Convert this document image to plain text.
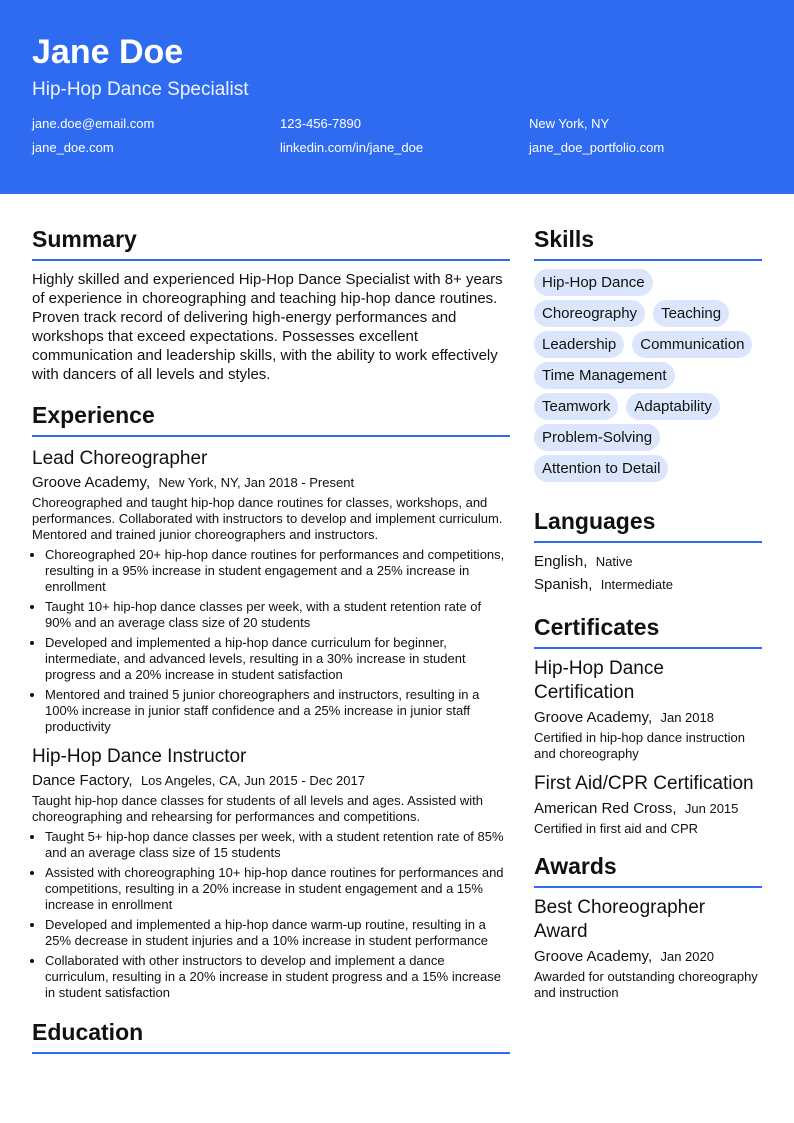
Jane Doe
Hip-Hop Dance Specialist
jane.doe@email.com	123-456-7890	New York, NY
jane_doe.com	linkedin.com/in/jane_doe	jane_doe_portfolio.com
Summary
Highly skilled and experienced Hip-Hop Dance Specialist with 8+ years of experience in choreographing and teaching hip-hop dance routines. Proven track record of delivering high-energy performances and workshops that exceed expectations. Possesses excellent communication and leadership skills, with the ability to work effectively with dancers of all levels and styles.
Experience
Lead Choreographer
Groove Academy, New York, NY, Jan 2018 - Present
Choreographed and taught hip-hop dance routines for classes, workshops, and performances. Collaborated with instructors to develop and implement curriculum. Mentored and trained junior choreographers and instructors.
• Choreographed 20+ hip-hop dance routines for performances and competitions, resulting in a 95% increase in student engagement and a 25% increase in enrollment
• Taught 10+ hip-hop dance classes per week, with a student retention rate of 90% and an average class size of 20 students
• Developed and implemented a hip-hop dance curriculum for beginner, intermediate, and advanced levels, resulting in a 30% increase in student progress and a 20% increase in student satisfaction
• Mentored and trained 5 junior choreographers and instructors, resulting in a 100% increase in junior staff confidence and a 25% increase in junior staff productivity
Hip-Hop Dance Instructor
Dance Factory, Los Angeles, CA, Jun 2015 - Dec 2017
Taught hip-hop dance classes for students of all levels and ages. Assisted with choreographing and rehearsing for performances and competitions.
• Taught 5+ hip-hop dance classes per week, with a student retention rate of 85% and an average class size of 15 students
• Assisted with choreographing 10+ hip-hop dance routines for performances and competitions, resulting in a 20% increase in student engagement and a 15% increase in enrollment
• Developed and implemented a hip-hop dance warm-up routine, resulting in a 25% decrease in student injuries and a 10% increase in student performance
• Collaborated with other instructors to develop and implement a dance curriculum, resulting in a 20% increase in student progress and a 15% increase in student satisfaction
Education
Skills
Hip-Hop Dance
Choreography	Teaching
Leadership	Communication
Time Management
Teamwork	Adaptability
Problem-Solving
Attention to Detail
Languages
English, Native
Spanish, Intermediate
Certificates
Hip-Hop Dance Certification
Groove Academy, Jan 2018
Certified in hip-hop dance instruction and choreography
First Aid/CPR Certification
American Red Cross, Jun 2015
Certified in first aid and CPR
Awards
Best Choreographer Award
Groove Academy, Jan 2020
Awarded for outstanding choreography and instruction
